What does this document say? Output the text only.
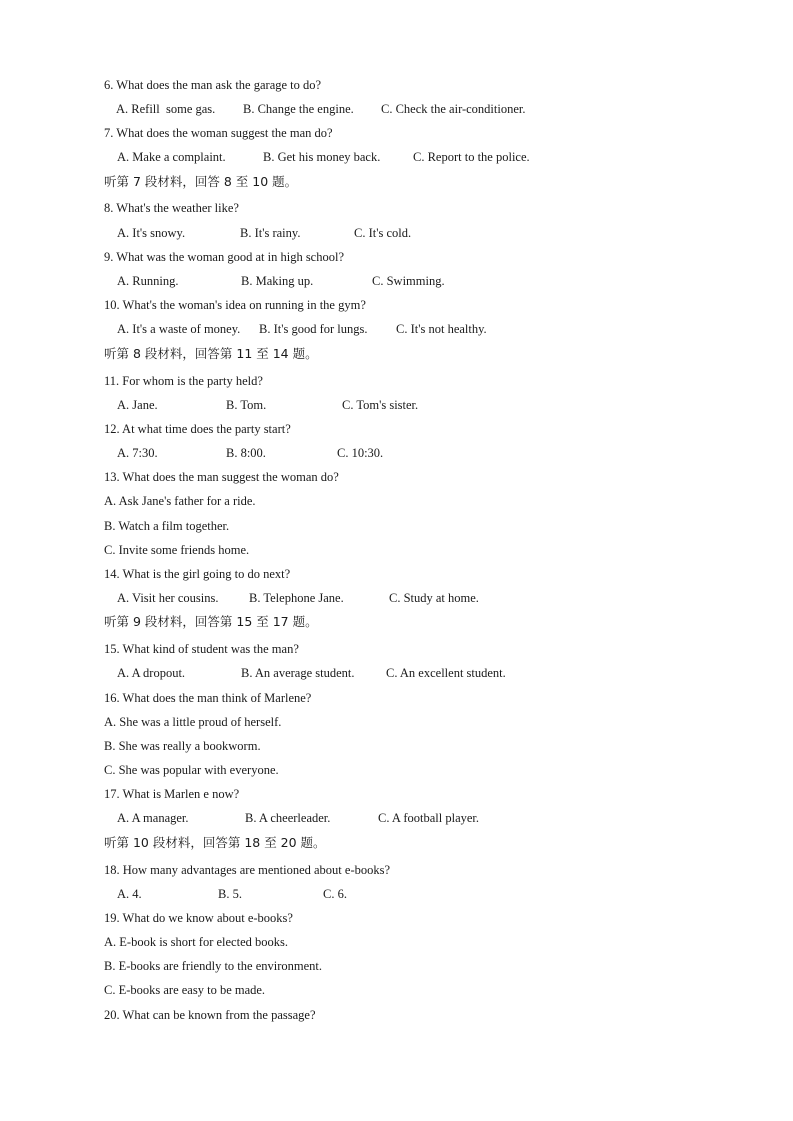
6. What does the man ask the garage to do?
A. Refill  some gas. B. Change the engine. C. Check the air-conditioner.
7. What does the woman suggest the man do?
A. Make a complaint.	B. Get his money back.	C. Report to the police.
听第 7 段材料，回答 8 至 10 题。
8. What's the weather like?
A. It's snowy.	B. It's rainy.	C. It's cold.
9. What was the woman good at in high school?
A. Running.	B. Making up.	C. Swimming.
10. What's the woman's idea on running in the gym?
A. It's a waste of money. B. It's good for lungs. C. It's not healthy.
听第 8 段材料，回答第 11 至 14 题。
11. For whom is the party held?
A. Jane.	B. Tom.	C. Tom's sister.
12. At what time does the party start?
A. 7:30.	B. 8:00.	C. 10:30.
13. What does the man suggest the woman do?
A. Ask Jane's father for a ride.
B. Watch a film together.
C. Invite some friends home.
14. What is the girl going to do next?
A. Visit her cousins. B. Telephone Jane.	C. Study at home.
听第 9 段材料，回答第 15 至 17 题。
15. What kind of student was the man?
A. A dropout.	B. An average student.	C. An excellent student.
16. What does the man think of Marlene?
A. She was a little proud of herself.
B. She was really a bookworm.
C. She was popular with everyone.
17. What is Marlen e now?
A. A manager.	B. A cheerleader.	C. A football player.
听第 10 段材料，回答第 18 至 20 题。
18. How many advantages are mentioned about e-books?
A. 4.	B. 5.	C. 6.
19. What do we know about e-books?
A. E-book is short for elected books.
B. E-books are friendly to the environment.
C. E-books are easy to be made.
20. What can be known from the passage?
